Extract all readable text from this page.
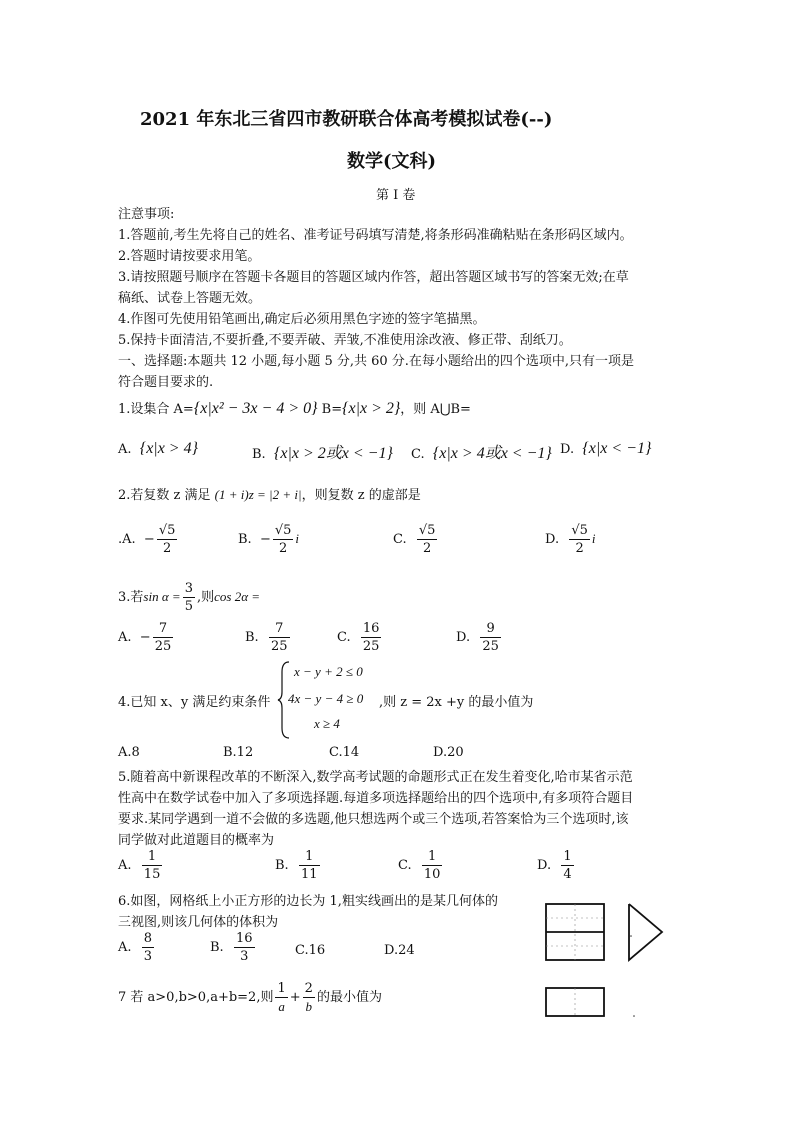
2021 年东北三省四市教研联合体高考模拟试卷(--)
数学(文科)
第 I 卷
注意事项:
1.答题前,考生先将自己的姓名、准考证号码填写清楚,将条形码准确粘贴在条形码区域内。
2.答题时请按要求用笔。
3.请按照题号顺序在答题卡各题目的答题区域内作答，超出答题区域书写的答案无效;在草
稿纸、试卷上答题无效。
4.作图可先使用铅笔画出,确定后必须用黑色字迹的签字笔描黑。
5.保持卡面清洁,不要折叠,不要弄破、弄皱,不准使用涂改液、修正带、刮纸刀。
一、选择题:本题共 12 小题,每小题 5 分,共 60 分.在每小题给出的四个选项中,只有一项是
符合题目要求的.
1.设集合 A={x|x² − 3x − 4 > 0} B={x|x > 2}，则 A⋃B=
A. {x|x > 4}	B. {x|x > 2或x < −1} C. {x|x > 4或x < −1} D. {x|x < −1}
2.若复数 z 满足 (1 + i)z = |2 + i|，则复数 z 的虚部是
.A. − $\frac{√5}{2}$	B. − $\frac{√5}{2}$ i	C. $\frac{√5}{2}$	D. $\frac{√5}{2}$ i
3.若$\sin \alpha = \frac{3}{5}$ ,则cos 2α =
A. − $\frac{7}{25}$	B. $\frac{7}{25}$	C. $\frac{16}{25}$	D. $\frac{9}{25}$
4.已知 x、y 满足约束条件
x − y + 2 ≤ 0
4x − y − 4 ≥ 0
x ≥ 4
,则 z = 2x +y 的最小值为
A.8	B.12	C.14	D.20
5.随着高中新课程改革的不断深入,数学高考试题的命题形式正在发生着变化,哈市某省示范
性高中在数学试卷中加入了多项选择题.每道多项选择题给出的四个选项中,有多项符合题目
要求.某同学遇到一道不会做的多选题,他只想选两个或三个选项,若答案恰为三个选项时,该
同学做对此道题目的概率为
A. $\frac{1}{15}$	B. $\frac{1}{11}$	C. $\frac{1}{10}$	D. $\frac{1}{4}$
6.如图，网格纸上小正方形的边长为 1,粗实线画出的是某几何体的
三视图,则该几何体的体积为
A. $\frac{8}{3}$	B. $\frac{16}{3}$	C.16	D.24
7 若 a>0,b>0,a+b=2,则 $\frac{1}{a} + \frac{2}{b}$ 的最小值为
